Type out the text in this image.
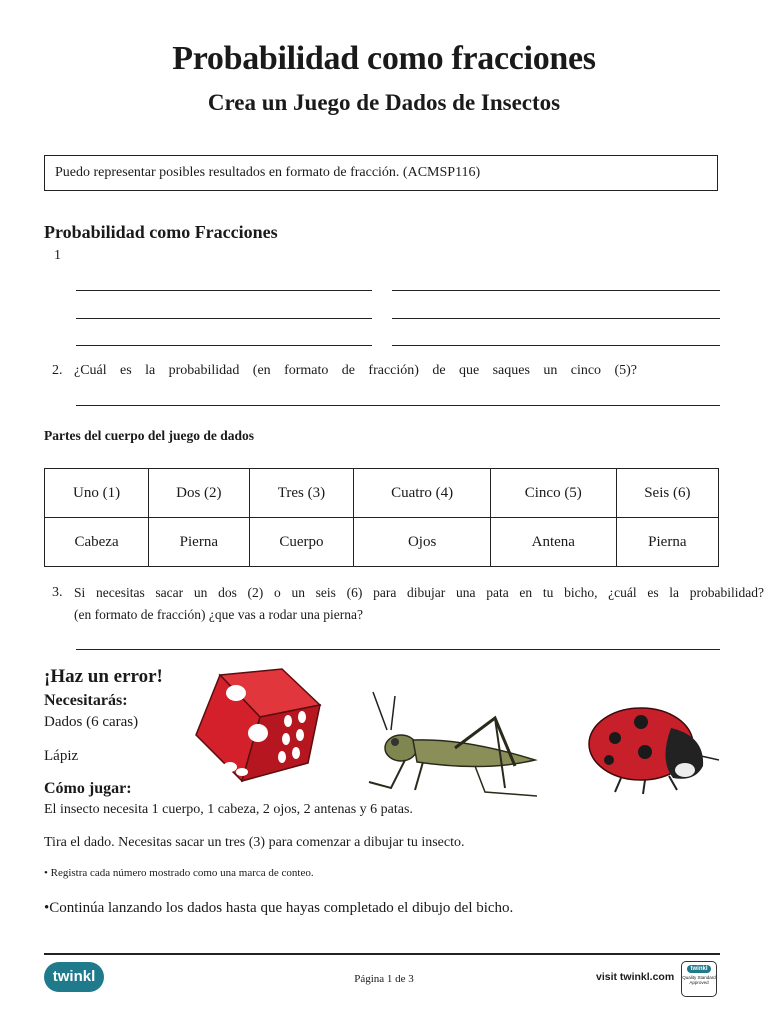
Probabilidad como fracciones
Crea un Juego de Dados de Insectos
Puedo representar posibles resultados en formato de fracción. (ACMSP116)
Probabilidad como Fracciones
1
2. ¿Cuál es la probabilidad (en formato de fracción) de que saques un cinco (5)?
Partes del cuerpo del juego de dados
Uno (1)	Dos (2)	Tres (3)	Cuatro (4)	Cinco (5)	Seis (6)
Cabeza	Pierna	Cuerpo	Ojos	Antena	Pierna
3. Si necesitas sacar un dos (2) o un seis (6) para dibujar una pata en tu bicho, ¿cuál es la probabilidad?
(en formato de fracción) ¿que vas a rodar una pierna?
¡Haz un error!
Necesitarás:
Dados (6 caras)
Lápiz
Cómo jugar:
El insecto necesita 1 cuerpo, 1 cabeza, 2 ojos, 2 antenas y 6 patas.
Tira el dado. Necesitas sacar un tres (3) para comenzar a dibujar tu insecto.
• Registra cada número mostrado como una marca de conteo.
•Continúa lanzando los dados hasta que hayas completado el dibujo del bicho.
twinkl	Página 1 de 3	visit twinkl.com
twinkl
Quality Standard
Approved
